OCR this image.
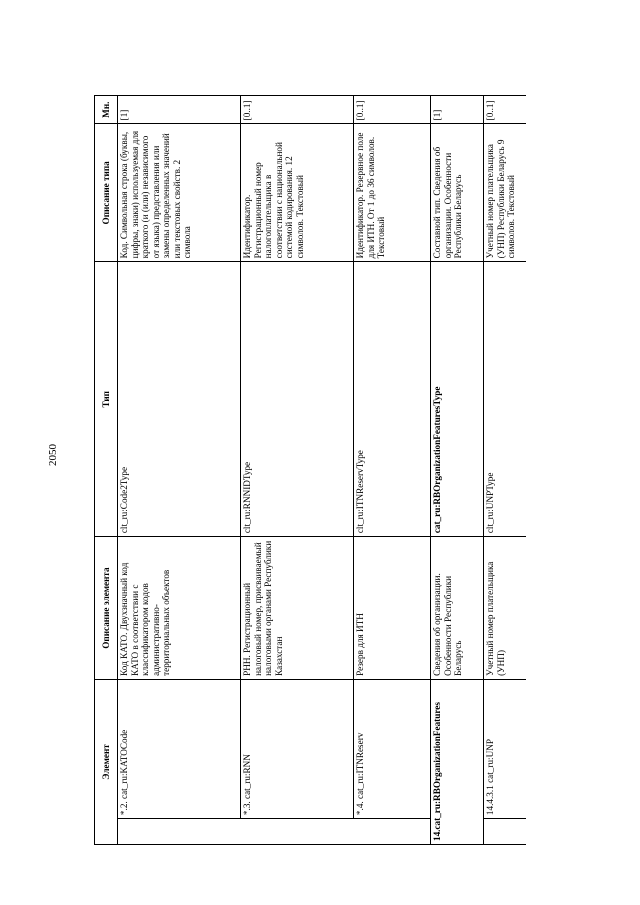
2050
Элемент		Описание элемента	Тип	Описание типа	Мн.
	*.2. cat_ru:KATOCode	Код КАТО. Двухзначный код КАТО в соответствии с классификатором кодов административно-территориальных объектов	clt_ru:Code2Type	Код. Символьная строка (буквы, цифры, знаки) используемая для краткого (и (или) независимого от языка) представления или замены определенных значений или текстовых свойств. 2 символа	[1]
	*.3. cat_ru:RNN	РНН. Регистрационный налоговый номер, присваиваемый налоговыми органами Республики Казахстан	clt_ru:RNNIDType	Идентификатор. Регистрационный номер налогоплательщика в соответствии с национальной системой кодирования. 12 символов. Текстовый	[0..1]
	*.4. cat_ru:ITNReserv	Резерв для ИТН	clt_ru:ITNReservType	Идентификатор. Резервное поле для ИТН. От 1 до 36 символов. Текстовый	[0..1]
14.cat_ru:RBOrganizationFeatures		Сведения об организации. Особенности Республики Беларусь	cat_ru:RBOrganizationFeaturesType	Составной тип. Сведения об организации. Особенности Республики Беларусь	[1]
	14.4.3.1 cat_ru:UNP	Учетный номер плательщика (УНП)	clt_ru:UNPType	Учетный номер плательщика (УНП) Республики Беларусь 9 символов. Текстовый	[0..1]
